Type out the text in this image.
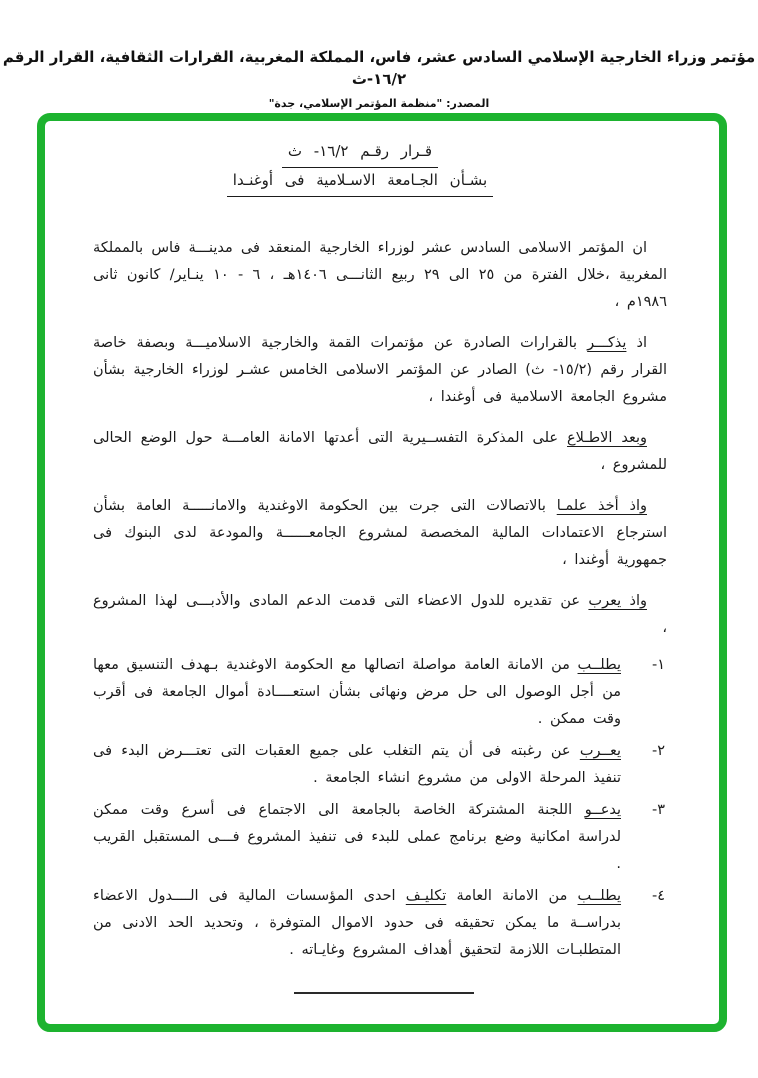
مؤتمر وزراء الخارجية الإسلامي السادس عشر، فاس، المملكة المغربية، القرارات الثقافية، القرار الرقم ١٦/٢-ث
المصدر: "منظمة المؤتمر الإسلامي، جدة"
قـرار رقـم ١٦/٢- ث
بشـأن الجـامعة الاسـلامية فى أوغنـدا

ان المؤتمر الاسلامى السادس عشر لوزراء الخارجية المنعقد فى مدينـــة فاس بالمملكة المغربية ،خلال الفترة من ٢٥ الى ٢٩ ربيع الثانـــى ١٤٠٦هـ ، ٦ - ١٠ ينـاير/ كانون ثانى ١٩٨٦م ،

اذ يذكـــر بالقرارات الصادرة عن مؤتمرات القمة والخارجية الاسلاميـــة وبصفة خاصة القرار رقم (١٥/٢- ث) الصادر عن المؤتمر الاسلامى الخامس عشـر لوزراء الخارجية بشأن مشروع الجامعة الاسلامية فى أوغندا ،

وبعد الاطـلاع على المذكرة التفســيرية التى أعدتها الامانة العامـــة حول الوضع الحالى للمشروع ،

واذ أخذ علمـا بالاتصالات التى جرت بين الحكومة الاوغندية والامانـــــة العامة بشأن استرجاع الاعتمادات المالية المخصصة لمشروع الجامعــــــة والمودعة لدى البنوك فى جمهورية أوغندا ،

واذ يعرب عن تقديره للدول الاعضاء التى قدمت الدعم المادى والأدبـــى لهذا المشروع ،

١-
يطلــب من الامانة العامة مواصلة اتصالها مع الحكومة الاوغندية بـهدف التنسيق معها من أجل الوصول الى حل مرض ونهائى بشأن استعــــادة أموال الجامعة فى أقرب وقت ممكن .
٢-
يعــرب عن رغبته فى أن يتم التغلب على جميع العقبات التى تعتـــرض البدء فى تنفيذ المرحلة الاولى من مشروع انشاء الجامعة .
٣-
يدعــو اللجنة المشتركة الخاصة بالجامعة الى الاجتماع فى أسرع وقت ممكن لدراسة امكانية وضع برنامج عملى للبدء فى تنفيذ المشروع فـــى المستقبل القريب .
٤-
يطلــب من الامانة العامة تكليـف احدى المؤسسات المالية فى الــــدول الاعضاء بدراســة ما يمكن تحقيقه فى حدود الاموال المتوفرة ، وتحديد الحد الادنى من المتطلبـات اللازمة لتحقيق أهداف المشروع وغايـاته .
